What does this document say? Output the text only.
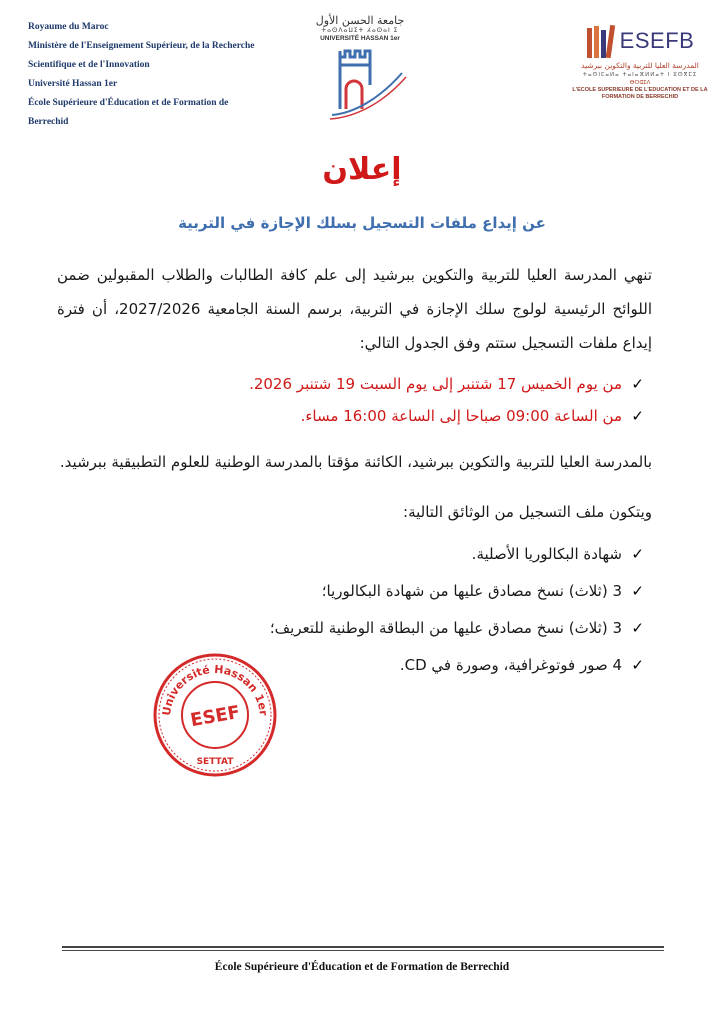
Royaume du Maroc
Ministère de l'Enseignement Supérieur, de la Recherche Scientifique et de l'Innovation
Université Hassan 1er
École Supérieure d'Éducation et de Formation de Berrechid
جامعة الحسن الأول
ⵜⴰⵙⴷⴰⵡⵉⵜ ⵃⴰⵙⴰⵏ ⵉ
UNIVERSITÉ HASSAN 1er	ESEFB
المدرسة العليا للتربية والتكوين ببرشيد
ⵜⴰⵙⵏⵎⴰⵍⴰ ⵜⴰⵏⴰⴼⵍⵍⴰⵜ ⵏ ⵓⵙⴳⵎⵉ
ⴱⵔⵛⵉⴷ
L'ECOLE SUPERIEURE DE L'EDUCATION ET DE LA FORMATION DE BERRECHID
إعلان
عن إيداع ملفات التسجيل بسلك الإجازة في التربية
تنهي المدرسة العليا للتربية والتكوين ببرشيد إلى علم كافة الطالبات والطلاب المقبولين ضمن اللوائح الرئيسية لولوج سلك الإجازة في التربية، برسم السنة الجامعية 2027/2026، أن فترة إيداع ملفات التسجيل ستتم وفق الجدول التالي:
✓
من يوم الخميس 17 شتنبر إلى يوم السبت 19 شتنبر 2026.
✓
من الساعة 09:00 صباحا إلى الساعة 16:00 مساء.
بالمدرسة العليا للتربية والتكوين ببرشيد، الكائنة مؤقتا بالمدرسة الوطنية للعلوم التطبيقية ببرشيد.
ويتكون ملف التسجيل من الوثائق التالية:
✓
شهادة البكالوريا الأصلية.
✓
3 (ثلاث) نسخ مصادق عليها من شهادة البكالوريا؛
✓
3 (ثلاث) نسخ مصادق عليها من البطاقة الوطنية للتعريف؛
✓
4 صور فوتوغرافية، وصورة في CD.
Université Hassan 1er
ESEF
SETTAT
École Supérieure d'Éducation et de Formation de Berrechid
